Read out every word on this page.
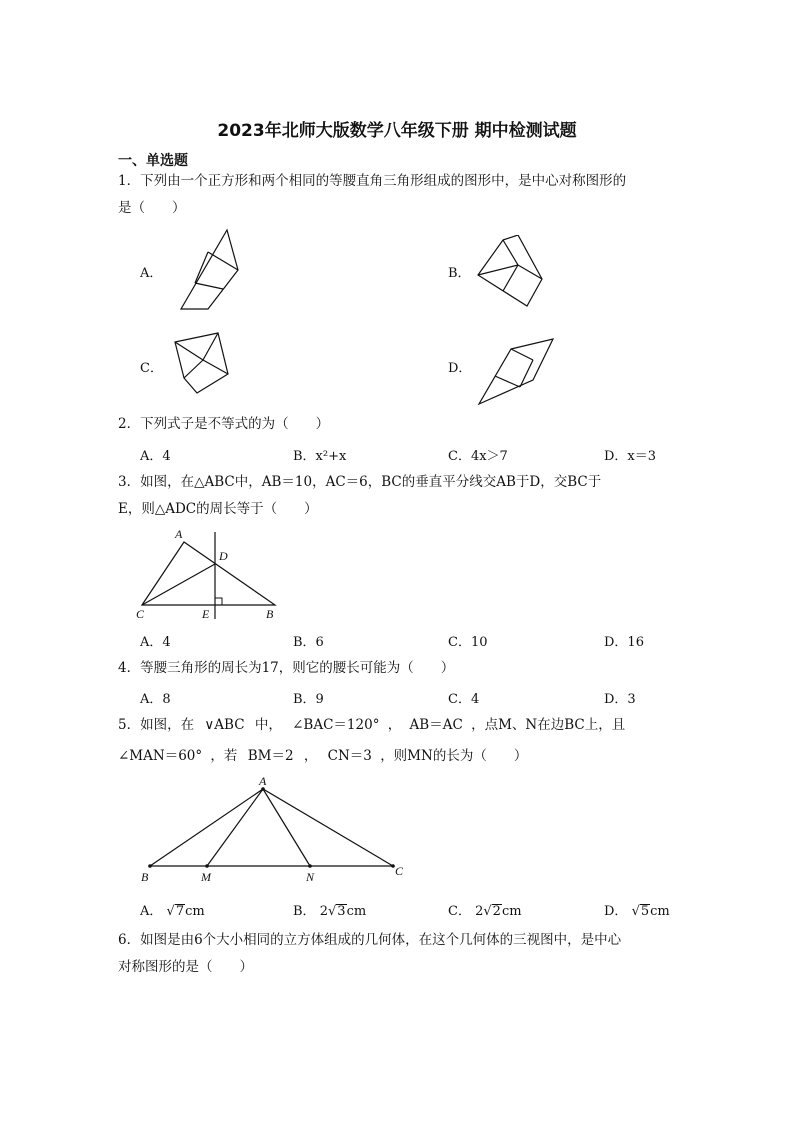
2023年北师大版数学八年级下册 期中检测试题
一、单选题
1．下列由一个正方形和两个相同的等腰直角三角形组成的图形中，是中心对称图形的
是（　　）
A．	B．
C．	D．
2．下列式子是不等式的为（　　）
A．4	B．x²+x	C．4x＞7	D．x＝3
3．如图，在△ABC中，AB＝10，AC＝6，BC的垂直平分线交AB于D，交BC于
E，则△ADC的周长等于（　　）
A
D
C	E	B
A．4	B．6	C．10	D．16
4．等腰三角形的周长为17，则它的腰长可能为（　　）
A．8	B．9	C．4	D．3
5．如图，在 ∨ABC 中， ∠BAC＝120° ， AB＝AC ，点M、N在边BC上，且
∠MAN＝60° ，若 BM＝2 ， CN＝3 ，则MN的长为（　　）
A
B	M	N	C
A． √7cm	B． 2√3cm	C． 2√2cm	D． √5cm
6．如图是由6个大小相同的立方体组成的几何体，在这个几何体的三视图中，是中心
对称图形的是（　　）
